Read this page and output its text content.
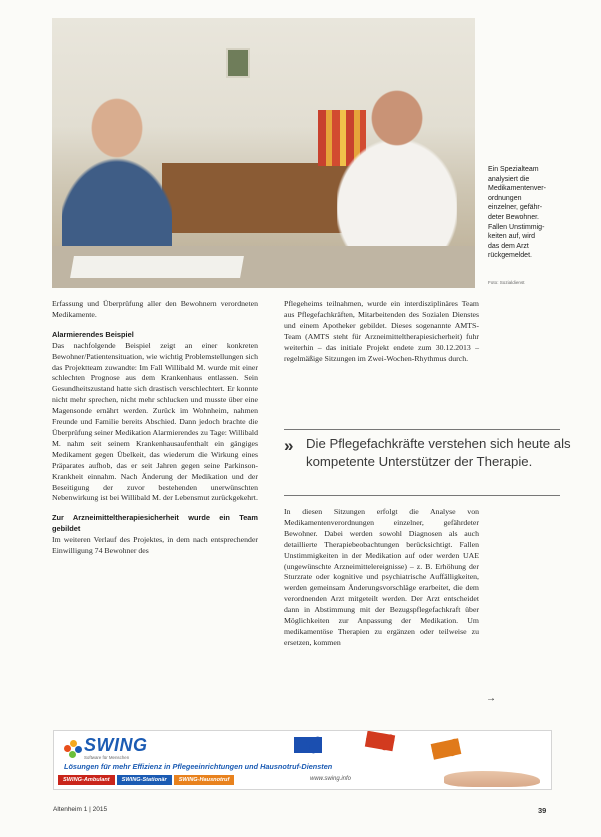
Ein Spezialteam

analysiert die

Medikamentenver-

ordnungen

einzelner, gefähr-

deter Bewohner.

Fallen Unstimmig-

keiten auf, wird

das dem Arzt

rückgemeldet.

Foto: Sozialdienst

Erfassung und Überprüfung aller den Bewohnern verordneten Medikamente.

Alarmierendes Beispiel

Das nachfolgende Beispiel zeigt an einer konkreten Bewohner/Patientensituation, wie wichtig Problemstellungen sich das Projektteam zuwandte: Im Fall Willibald M. wurde mit einer schlechten Prognose aus dem Krankenhaus entlassen. Sein Gesundheitszustand hatte sich drastisch verschlechtert. Er konnte nicht mehr sprechen, nicht mehr schlucken und musste über eine Magensonde ernährt werden. Zurück im Wohnheim, nahmen Freunde und Familie bereits Abschied. Dann jedoch brachte die Überprüfung seiner Medikation Alarmierendes zu Tage: Willibald M. nahm seit seinem Krankenhausaufenthalt ein gängiges Medikament gegen Übelkeit, das wiederum die Wirkung eines Präparates aufhob, das er seit Jahren gegen seine Parkinson-Krankheit einnahm. Nach Änderung der Medikation und der Beseitigung der zuvor bestehenden unerwünschten Nebenwirkung ist bei Willibald M. der Lebensmut zurückgekehrt.

Zur Arzneimitteltherapiesicherheit wurde ein Team gebildet

Im weiteren Verlauf des Projektes, in dem nach entsprechender Einwilligung 74 Bewohner des

Pflegeheims teilnahmen, wurde ein interdisziplinäres Team aus Pflegefachkräften, Mitarbeitenden des Sozialen Dienstes und einem Apotheker gebildet. Dieses sogenannte AMTS-Team (AMTS steht für Arzneimitteltherapiesicherheit) fuhr weiterhin – das initiale Projekt endete zum 30.12.2013 – regelmäßige Sitzungen im Zwei-Wochen-Rhythmus durch.

» Die Pflegefachkräfte verstehen sich heute als kompetente Unterstützer der Therapie.

In diesen Sitzungen erfolgt die Analyse von Medikamentenverordnungen einzelner, gefährdeter Bewohner. Dabei werden sowohl Diagnosen als auch detaillierte Therapiebeobachtungen berücksichtigt. Fallen Unstimmigkeiten in der Medikation auf oder werden UAE (ungewünschte Arzneimittelereignisse) – z. B. Erhöhung der Sturzrate oder kognitive und psychiatrische Auffälligkeiten, werden gemeinsam Änderungsvorschläge erarbeitet, die dem verordnenden Arzt mitgeteilt werden. Der Arzt entscheidet dann in Abstimmung mit der Bezugspflegefachkraft über Möglichkeiten zur Anpassung der Medikation. Um medikamentöse Therapien zu ergänzen oder teilweise zu ersetzen, kommen

→
SWING
Software für Menschen
Lösungen für mehr Effizienz in Pflegeeinrichtungen und Hausnotruf-Diensten
SWING-Ambulant	SWING-Stationär	SWING-Hausnotruf	www.swing.info
Altenheim 1 | 2015	39
